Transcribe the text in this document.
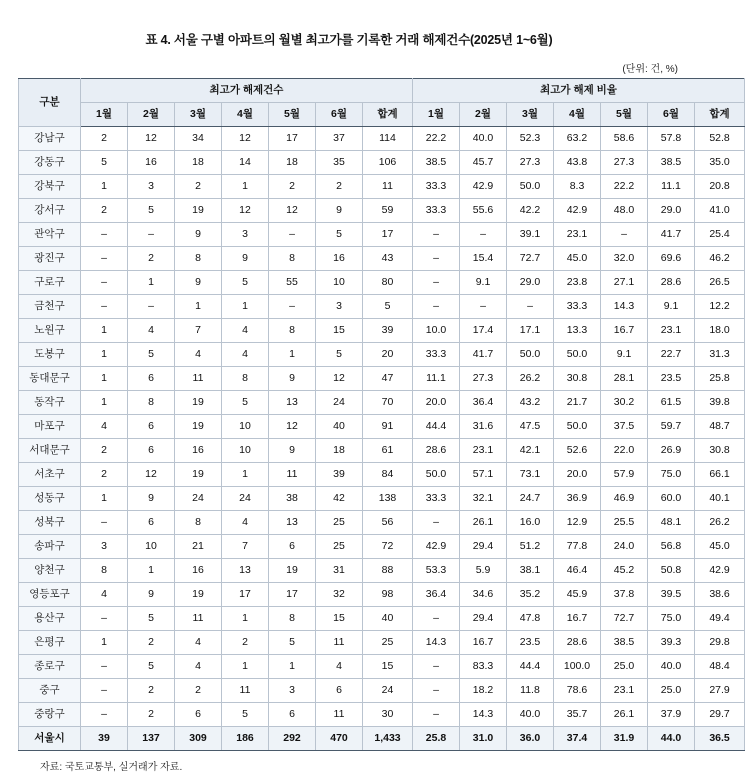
표 4. 서울 구별 아파트의 월별 최고가를 기록한 거래 해제건수(2025년 1~6월)
(단위: 건, %)
구분	최고가 해제건수							최고가 해제 비율						
	1월	2월	3월	4월	5월	6월	합계	1월	2월	3월	4월	5월	6월	합계
강남구	2	12	34	12	17	37	114	22.2	40.0	52.3	63.2	58.6	57.8	52.8
강동구	5	16	18	14	18	35	106	38.5	45.7	27.3	43.8	27.3	38.5	35.0
강북구	1	3	2	1	2	2	11	33.3	42.9	50.0	8.3	22.2	11.1	20.8
강서구	2	5	19	12	12	9	59	33.3	55.6	42.2	42.9	48.0	29.0	41.0
관악구	–	–	9	3	–	5	17	–	–	39.1	23.1	–	41.7	25.4
광진구	–	2	8	9	8	16	43	–	15.4	72.7	45.0	32.0	69.6	46.2
구로구	–	1	9	5	55	10	80	–	9.1	29.0	23.8	27.1	28.6	26.5
금천구	–	–	1	1	–	3	5	–	–	–	33.3	14.3	9.1	12.2
노원구	1	4	7	4	8	15	39	10.0	17.4	17.1	13.3	16.7	23.1	18.0
도봉구	1	5	4	4	1	5	20	33.3	41.7	50.0	50.0	9.1	22.7	31.3
동대문구	1	6	11	8	9	12	47	11.1	27.3	26.2	30.8	28.1	23.5	25.8
동작구	1	8	19	5	13	24	70	20.0	36.4	43.2	21.7	30.2	61.5	39.8
마포구	4	6	19	10	12	40	91	44.4	31.6	47.5	50.0	37.5	59.7	48.7
서대문구	2	6	16	10	9	18	61	28.6	23.1	42.1	52.6	22.0	26.9	30.8
서초구	2	12	19	1	11	39	84	50.0	57.1	73.1	20.0	57.9	75.0	66.1
성동구	1	9	24	24	38	42	138	33.3	32.1	24.7	36.9	46.9	60.0	40.1
성북구	–	6	8	4	13	25	56	–	26.1	16.0	12.9	25.5	48.1	26.2
송파구	3	10	21	7	6	25	72	42.9	29.4	51.2	77.8	24.0	56.8	45.0
양천구	8	1	16	13	19	31	88	53.3	5.9	38.1	46.4	45.2	50.8	42.9
영등포구	4	9	19	17	17	32	98	36.4	34.6	35.2	45.9	37.8	39.5	38.6
용산구	–	5	11	1	8	15	40	–	29.4	47.8	16.7	72.7	75.0	49.4
은평구	1	2	4	2	5	11	25	14.3	16.7	23.5	28.6	38.5	39.3	29.8
종로구	–	5	4	1	1	4	15	–	83.3	44.4	100.0	25.0	40.0	48.4
중구	–	2	2	11	3	6	24	–	18.2	11.8	78.6	23.1	25.0	27.9
중랑구	–	2	6	5	6	11	30	–	14.3	40.0	35.7	26.1	37.9	29.7
서울시	39	137	309	186	292	470	1,433	25.8	31.0	36.0	37.4	31.9	44.0	36.5
자료: 국토교통부, 실거래가 자료.
